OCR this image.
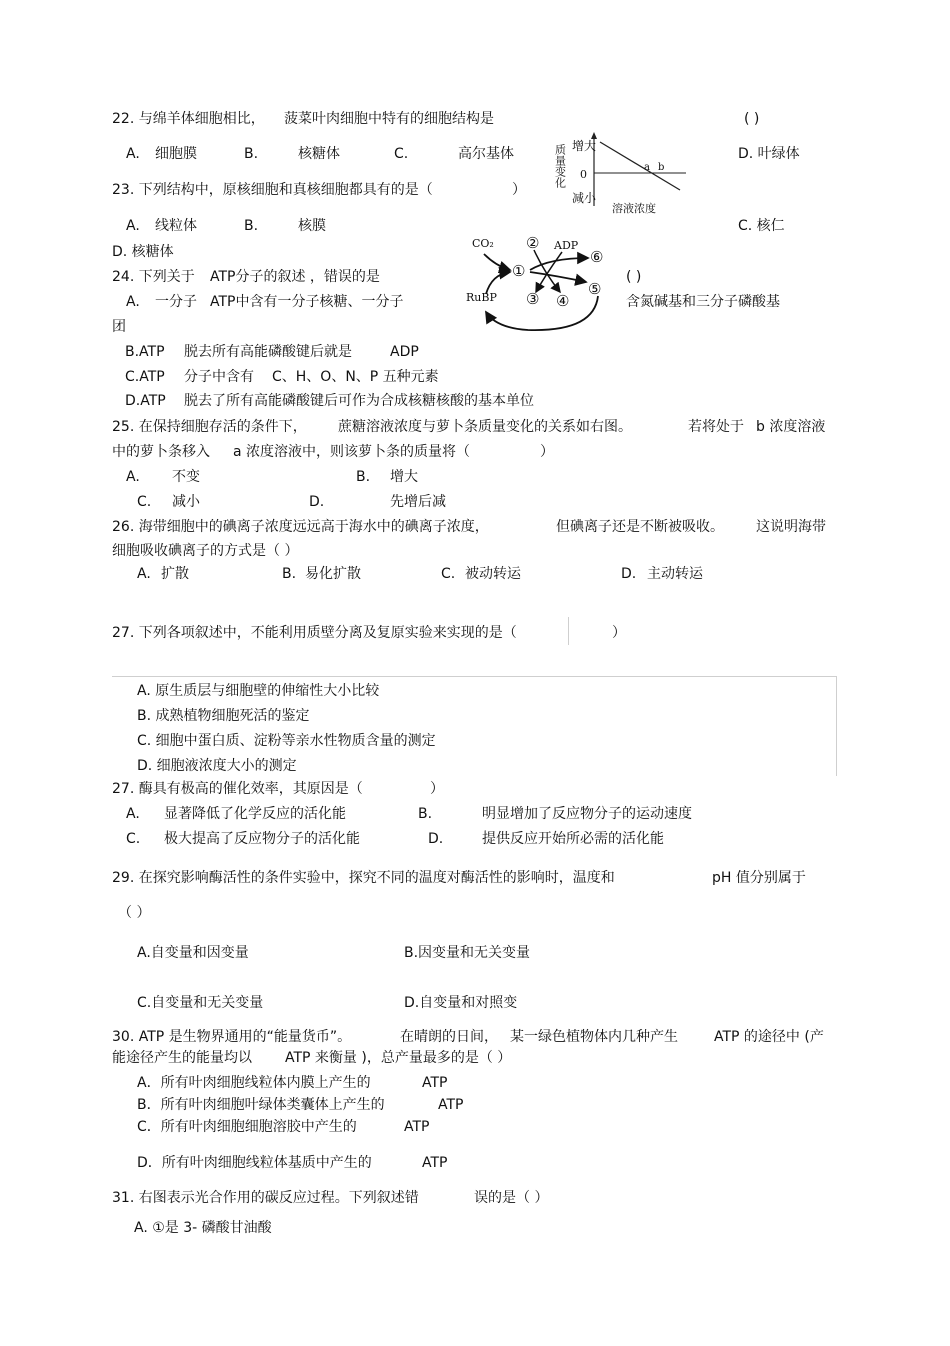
22. 与绵羊体细胞相比， 菠菜叶肉细胞中特有的细胞结构是	( )
A. 细胞膜	B.	核糖体	C.	高尔基体	D. 叶绿体
增大
0
减小
质量变化
溶液浓度
a b
23. 下列结构中，原核细胞和真核细胞都具有的是（	）
A. 线粒体	B.	核膜	C. 核仁
D. 核糖体
CO₂	ADP
RuBP
①
②
③ ④
⑤
⑥
24. 下列关于 ATP分子的叙述 ，错误的是	( )
A. 一分子 ATP中含有一分子核糖、一分子	含氮碱基和三分子磷酸基
团
B.ATP 脱去所有高能磷酸键后就是	ADP
C.ATP 分子中含有 C、H、O、N、P 五种元素
D.ATP 脱去了所有高能磷酸键后可作为合成核糖核酸的基本单位
25. 在保持细胞存活的条件下， 蔗糖溶液浓度与萝卜条质量变化的关系如右图。	若将处于 b 浓度溶液
中的萝卜条移入 a 浓度溶液中，则该萝卜条的质量将（	）
A. 不变	B. 增大
C. 减小	D.	先增后减
26. 海带细胞中的碘离子浓度远远高于海水中的碘离子浓度，	但碘离子还是不断被吸收。 这说明海带
细胞吸收碘离子的方式是（ ）
A. 扩散	B. 易化扩散	C. 被动转运	D. 主动转运
27. 下列各项叙述中，不能利用质壁分离及复原实验来实现的是（	）
A. 原生质层与细胞壁的伸缩性大小比较
B. 成熟植物细胞死活的鉴定
C. 细胞中蛋白质、淀粉等亲水性物质含量的测定
D. 细胞液浓度大小的测定
27. 酶具有极高的催化效率，其原因是（	）
A. 显著降低了化学反应的活化能	B.	明显增加了反应物分子的运动速度
C. 极大提高了反应物分子的活化能	D.	提供反应开始所必需的活化能
29. 在探究影响酶活性的条件实验中，探究不同的温度对酶活性的影响时，温度和	pH 值分别属于
（ ）
A.自变量和因变量	B.因变量和无关变量
C.自变量和无关变量	D.自变量和对照变
30. ATP 是生物界通用的“能量货币”。	在晴朗的日间， 某一绿色植物体内几种产生	ATP 的途径中 (产
能途径产生的能量均以 ATP 来衡量 )，总产量最多的是（ ）
A．所有叶肉细胞线粒体内膜上产生的	ATP
B．所有叶肉细胞叶绿体类囊体上产生的	ATP
C．所有叶肉细胞细胞溶胶中产生的	ATP
D．所有叶肉细胞线粒体基质中产生的	ATP
31. 右图表示光合作用的碳反应过程。下列叙述错	误的是（ ）
A. ①是 3- 磷酸甘油酸
